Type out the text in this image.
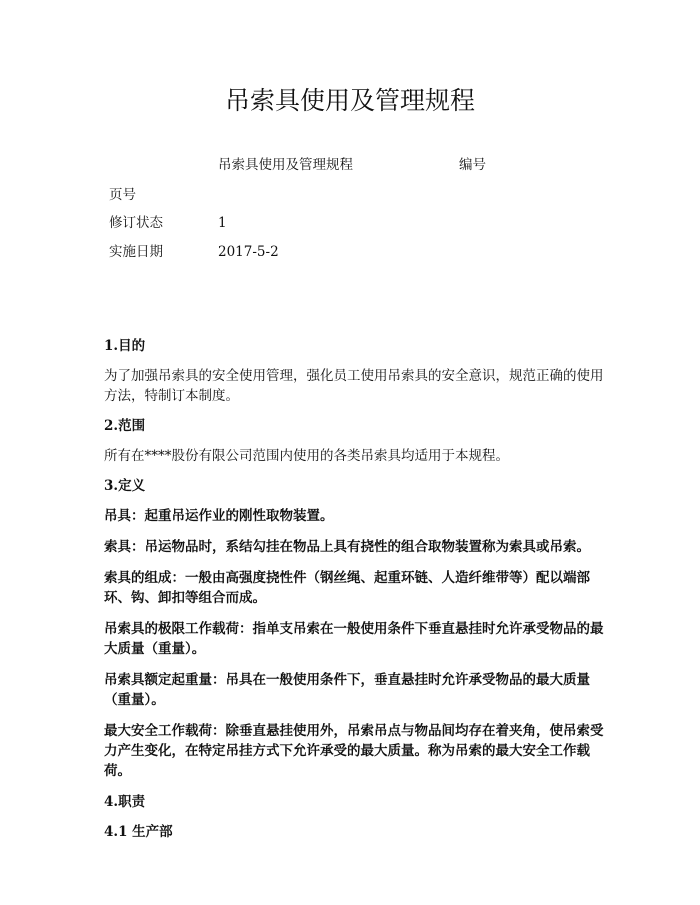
吊索具使用及管理规程
吊索具使用及管理规程	编号
页号
修订状态	1
实施日期	2017-5-2

1.目的

为了加强吊索具的安全使用管理，强化员工使用吊索具的安全意识，规范正确的使用方法，特制订本制度。

2.范围

所有在****股份有限公司范围内使用的各类吊索具均适用于本规程。

3.定义

吊具：起重吊运作业的刚性取物装置。

索具：吊运物品时，系结勾挂在物品上具有挠性的组合取物装置称为索具或吊索。

索具的组成：一般由高强度挠性件（钢丝绳、起重环链、人造纤维带等）配以端部环、钩、卸扣等组合而成。

吊索具的极限工作载荷：指单支吊索在一般使用条件下垂直悬挂时允许承受物品的最大质量（重量）。

吊索具额定起重量：吊具在一般使用条件下，垂直悬挂时允许承受物品的最大质量（重量）。

最大安全工作载荷：除垂直悬挂使用外，吊索吊点与物品间均存在着夹角，使吊索受力产生变化，在特定吊挂方式下允许承受的最大质量。称为吊索的最大安全工作载荷。

4.职责

4.1 生产部
